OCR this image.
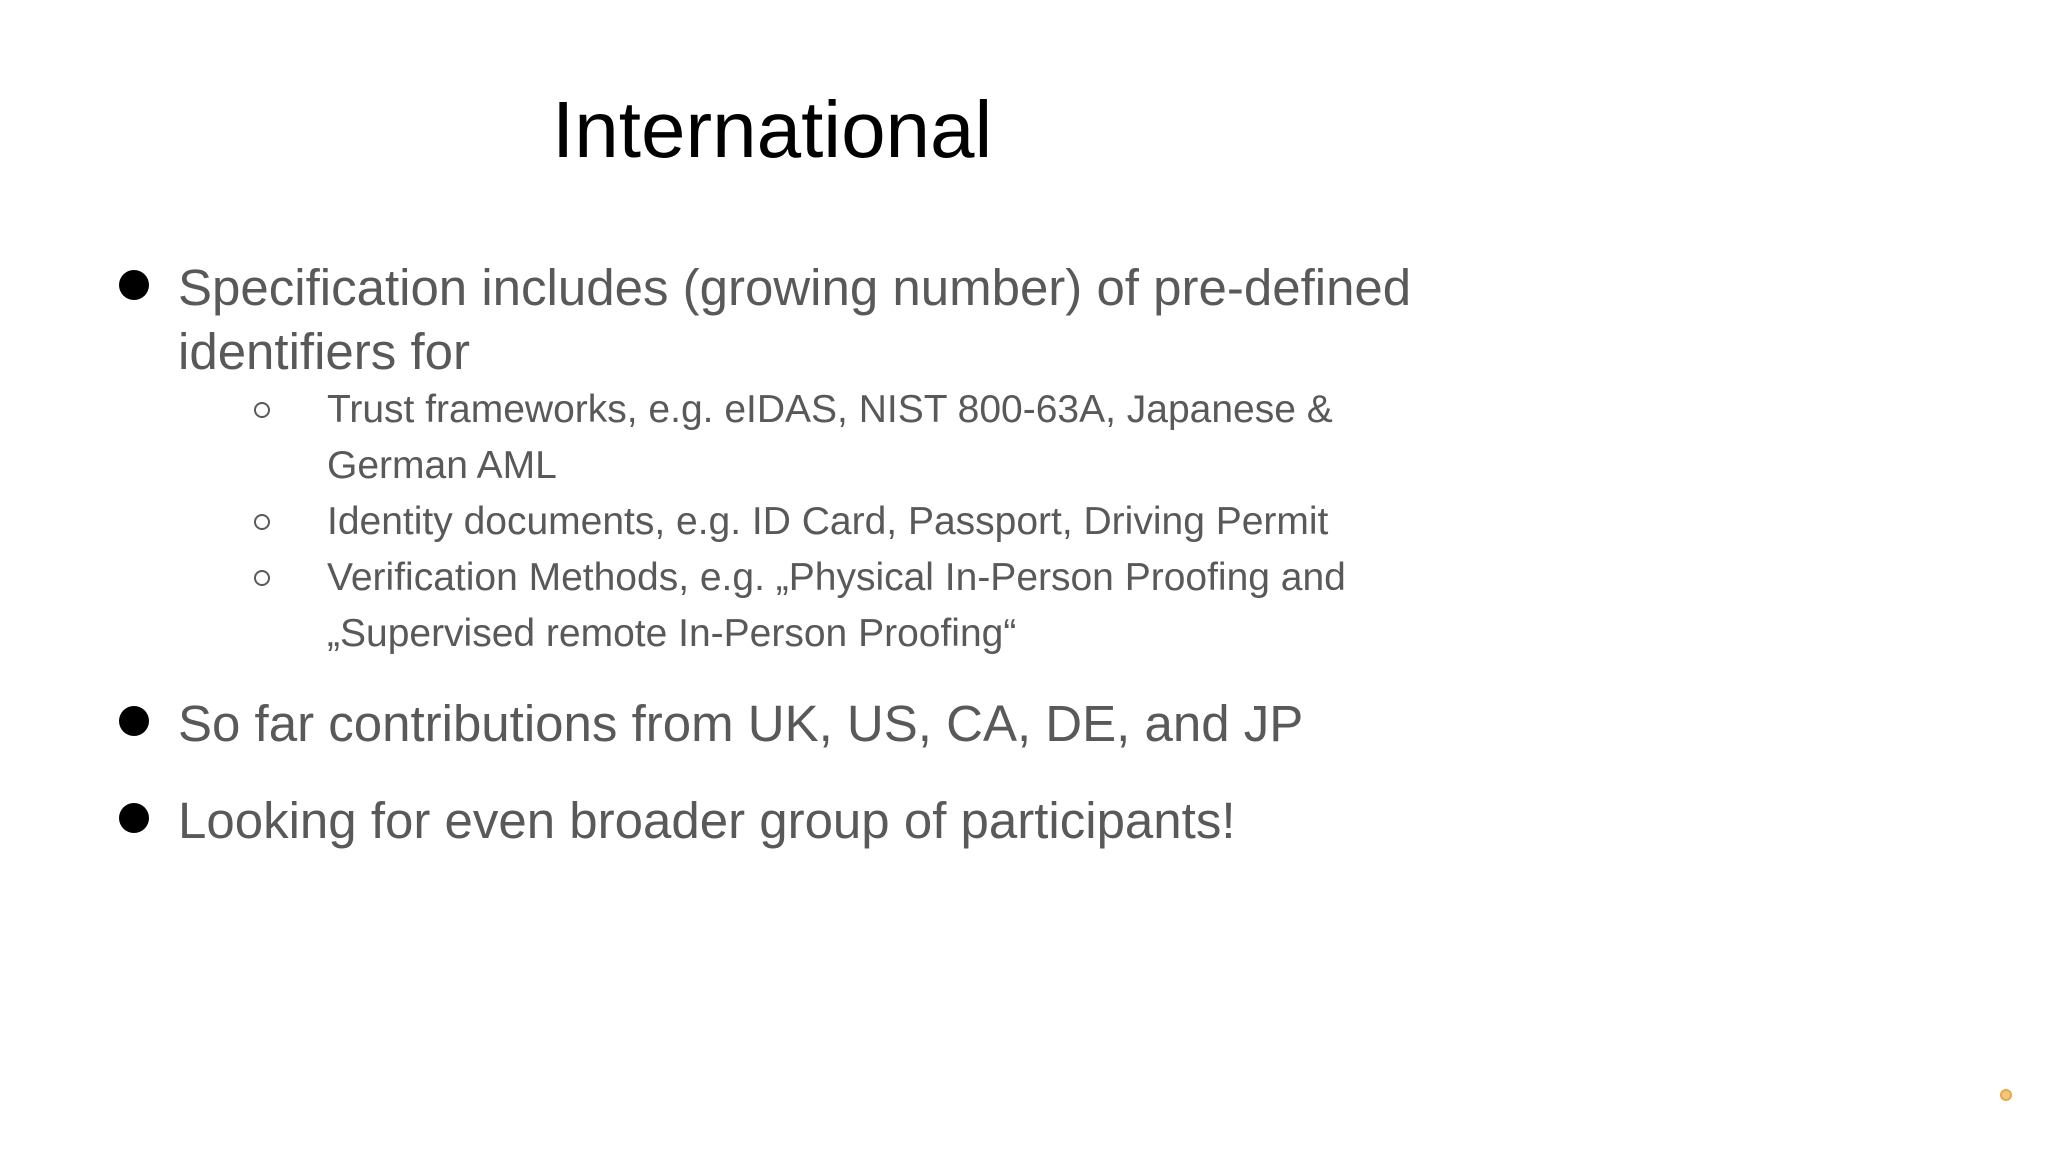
International
Specification includes (growing number) of pre-defined identifiers for
Trust frameworks, e.g. eIDAS, NIST 800-63A, Japanese & German AML
Identity documents, e.g. ID Card, Passport, Driving Permit
Verification Methods, e.g. „Physical In-Person Proofing and „Supervised remote In-Person Proofing“
So far contributions from UK, US, CA, DE, and JP
Looking for even broader group of participants!
